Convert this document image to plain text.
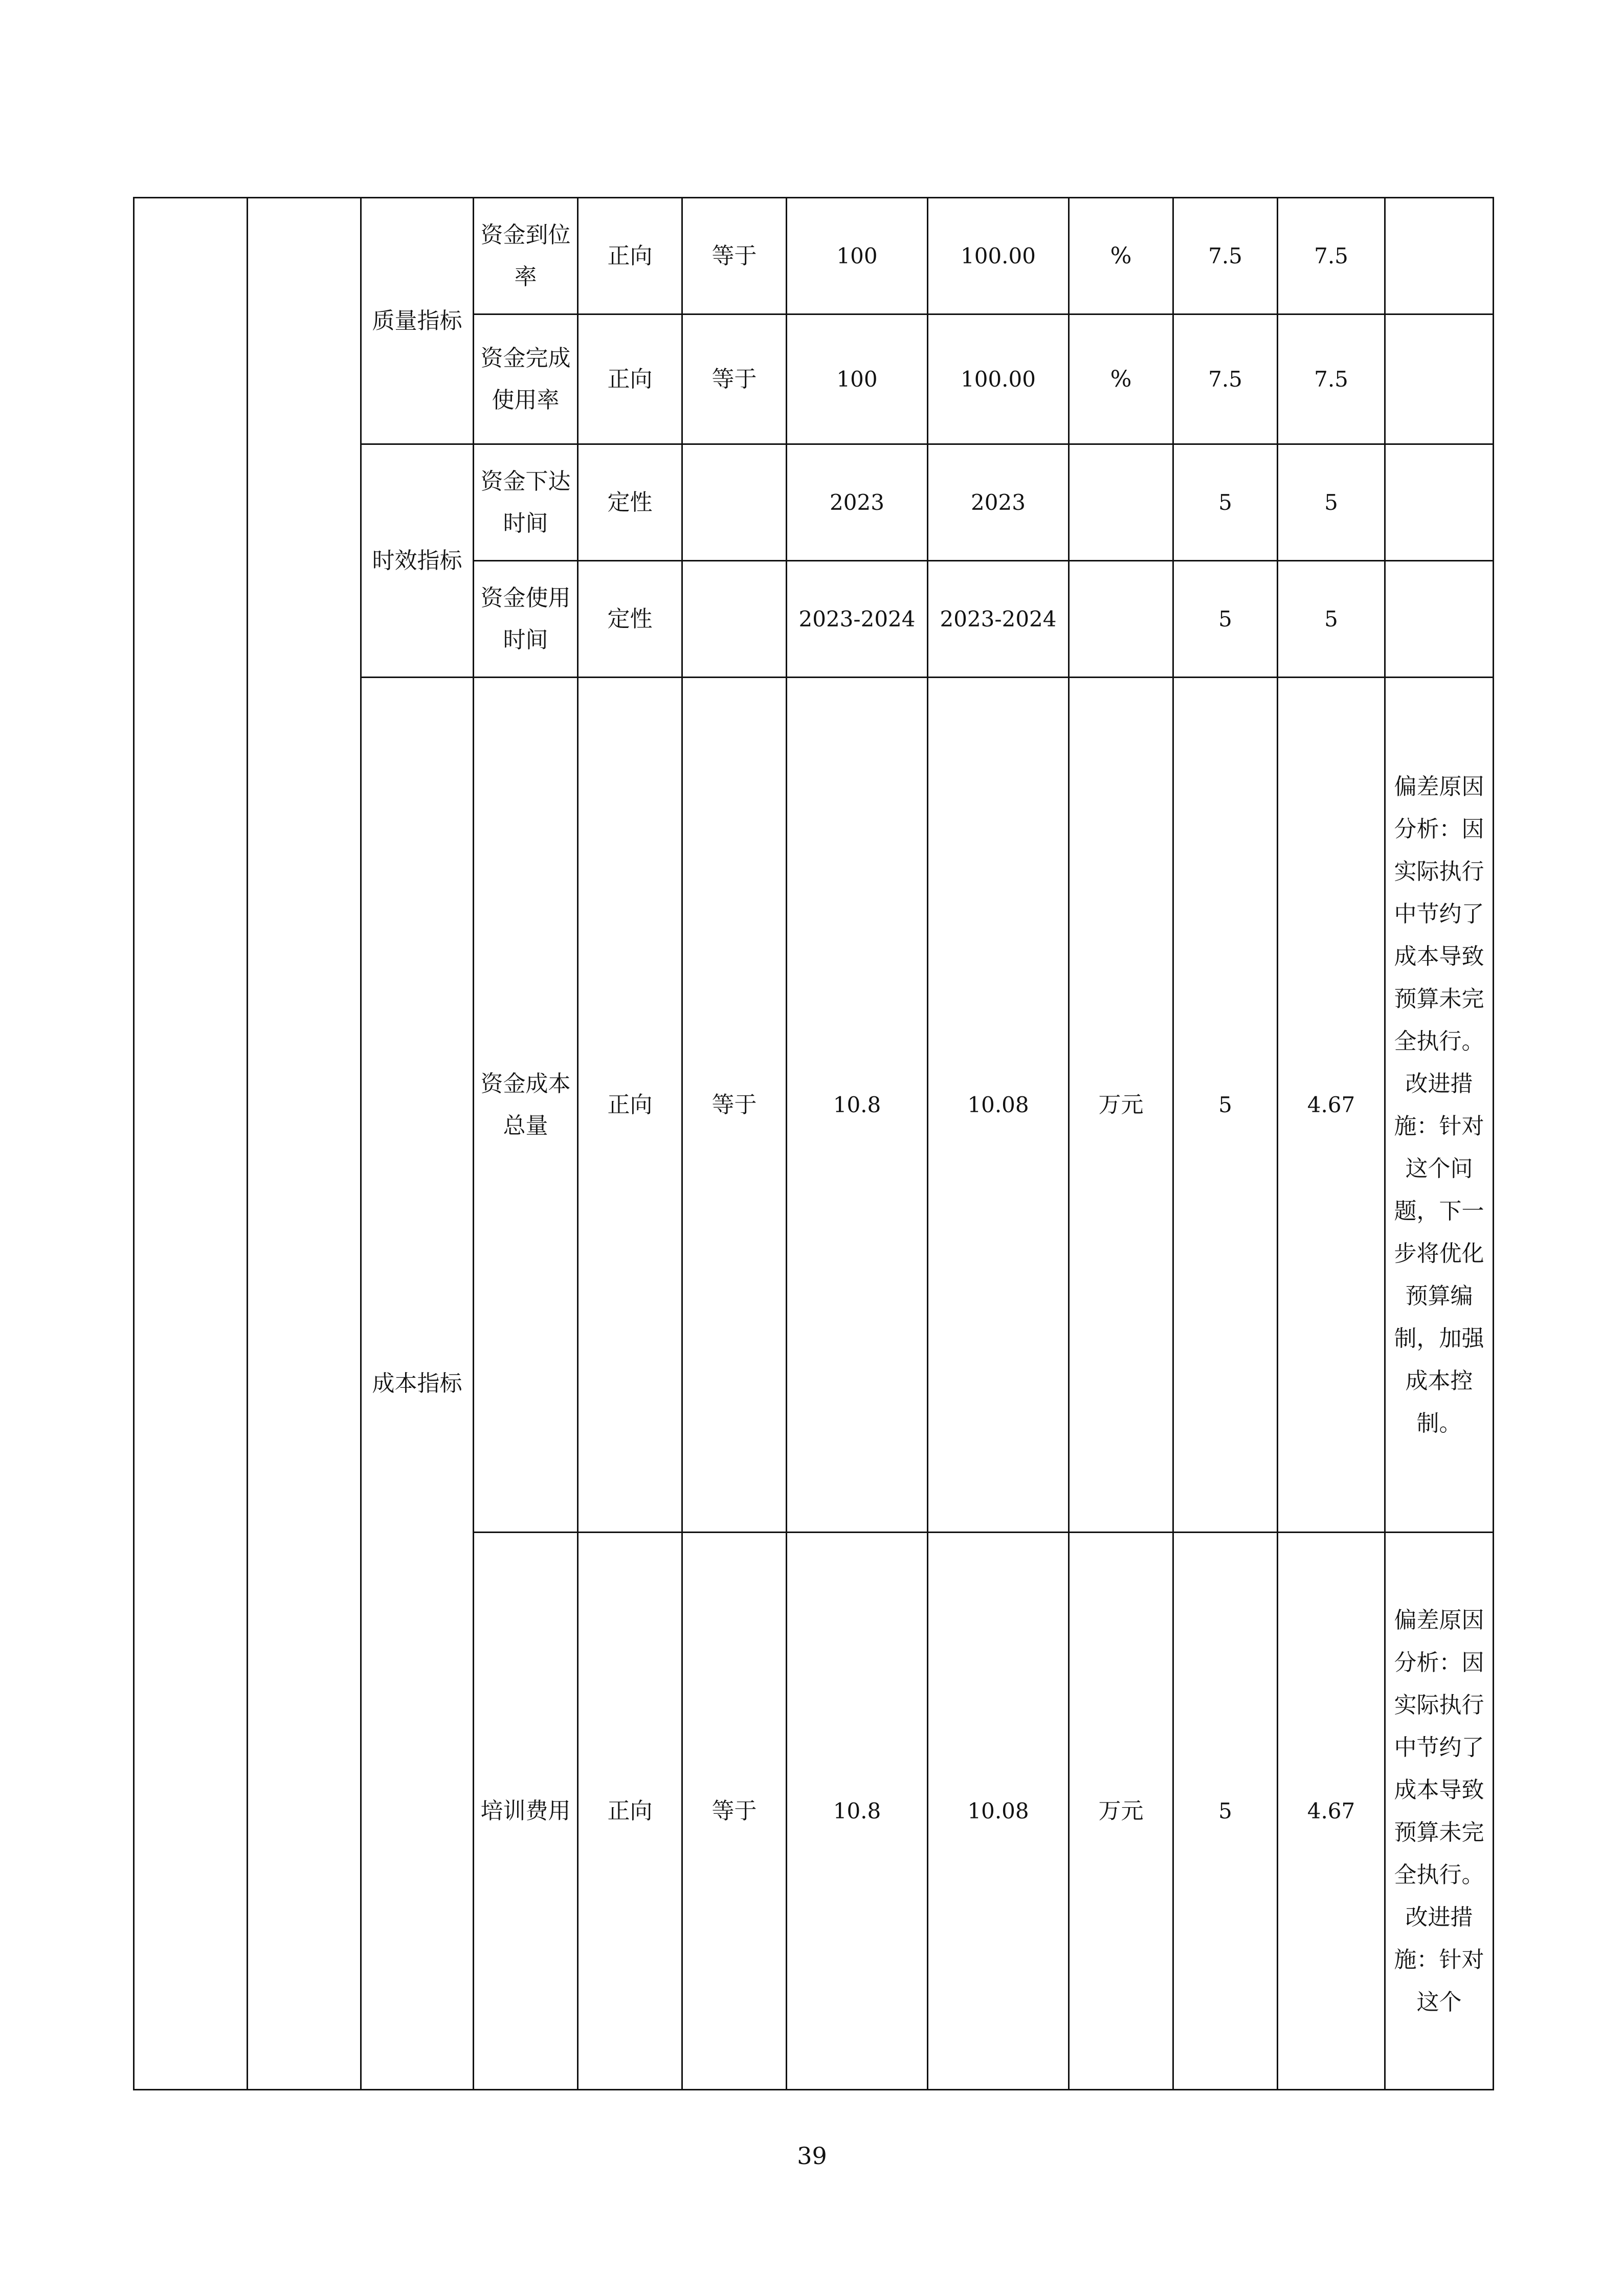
		质量指标	资金到位率	正向	等于	100	100.00	%	7.5	7.5	
			资金完成使用率	正向	等于	100	100.00	%	7.5	7.5	
		时效指标	资金下达时间	定性		2023	2023		5	5	
			资金使用时间	定性		2023-2024	2023-2024		5	5	
		成本指标	资金成本总量	正向	等于	10.8	10.08	万元	5	4.67	偏差原因分析：因实际执行中节约了成本导致预算未完全执行。改进措施：针对这个问题，下一步将优化预算编制，加强成本控制。
			培训费用	正向	等于	10.8	10.08	万元	5	4.67	偏差原因分析：因实际执行中节约了成本导致预算未完全执行。改进措施：针对这个
39
